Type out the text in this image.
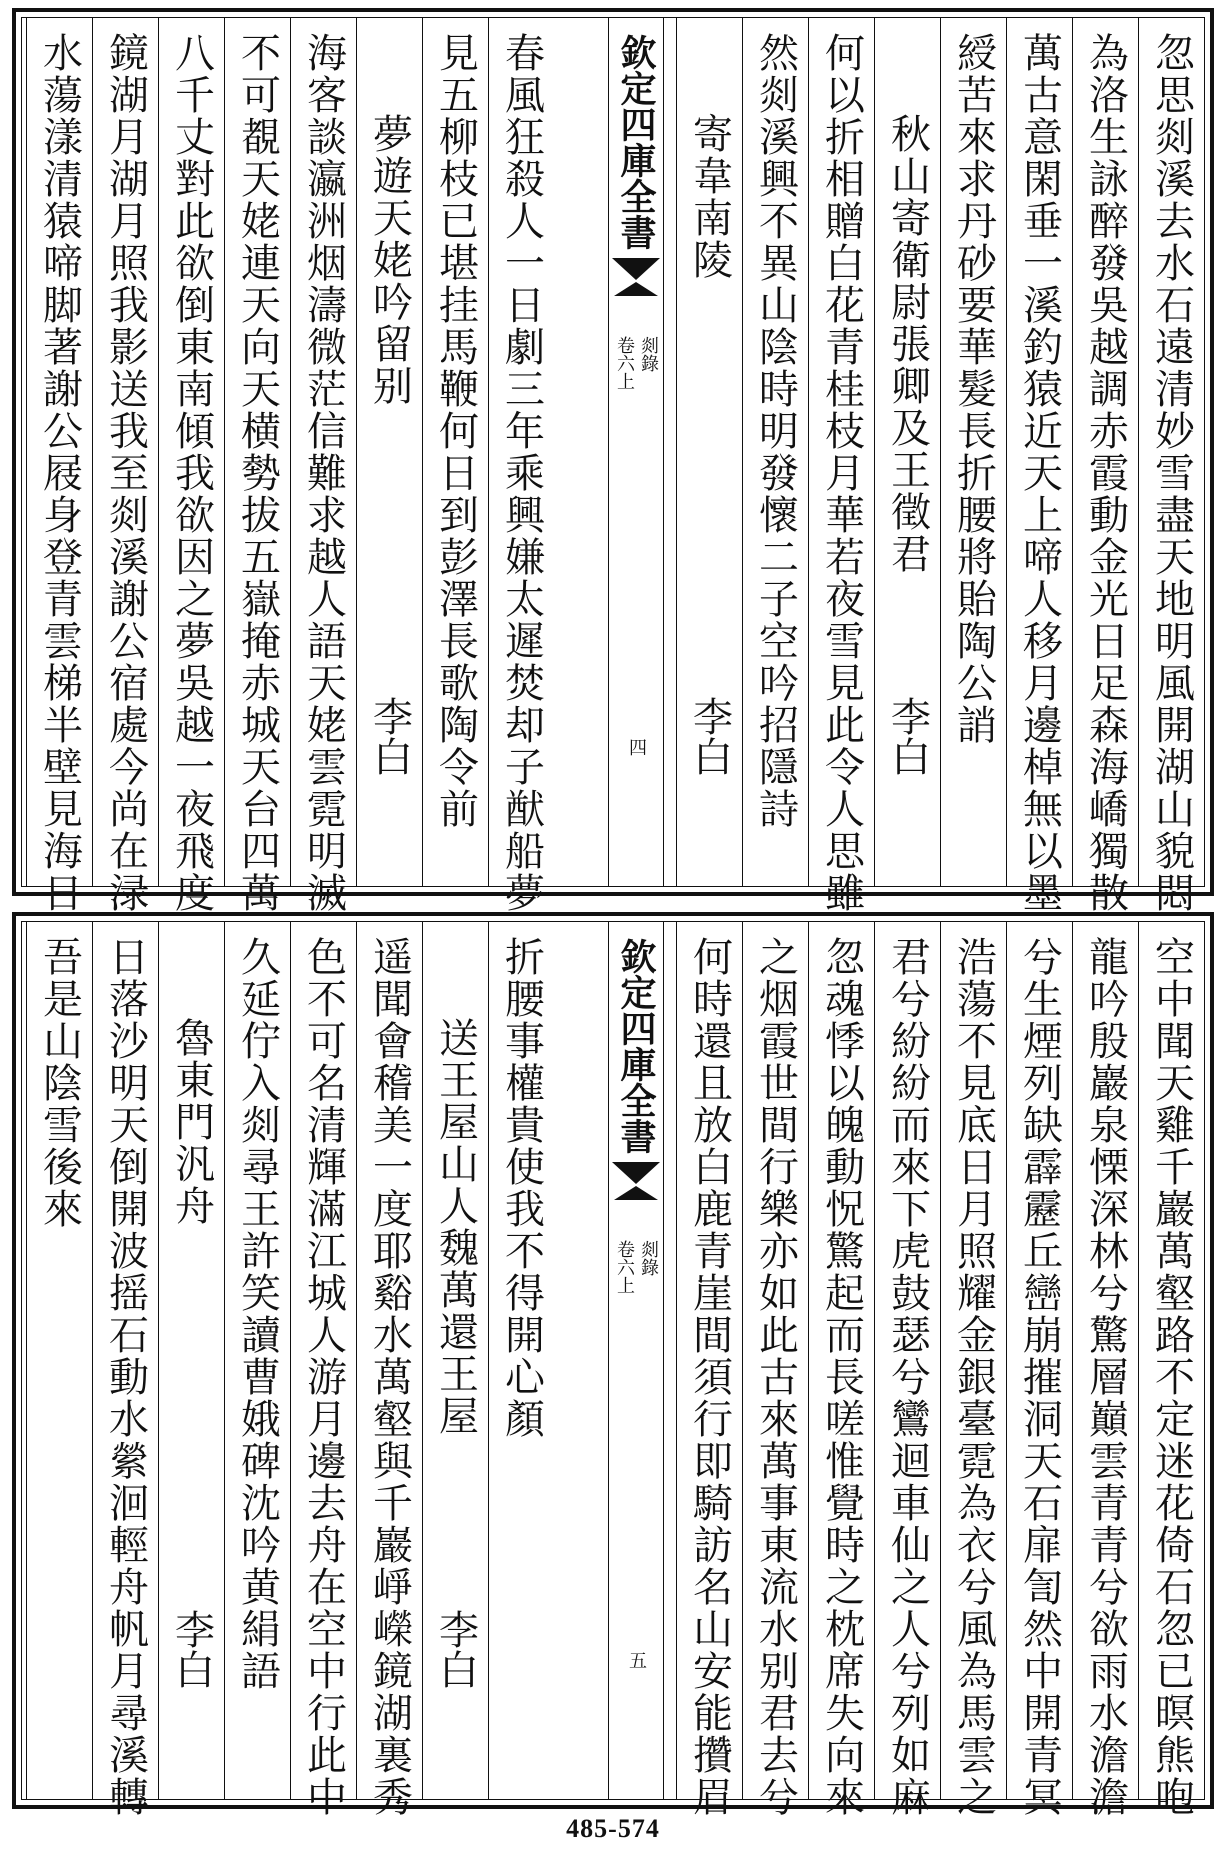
忽思剡溪去水石遠清妙雪盡天地明風開湖山貌悶
為洛生詠醉發吳越調赤霞動金光日足森海嶠獨散
萬古意閑垂一溪釣猿近天上啼人移月邊棹無以墨
綬苦來求丹砂要華髮長折腰將貽陶公誚
秋山寄衛尉張卿及王徵君
李白
何以折相贈白花青桂枝月華若夜雪見此令人思雖
然剡溪興不異山陰時明發懷二子空吟招隱詩
寄韋南陵
李白
欽定四庫全書
剡錄
卷六上
四
春風狂殺人一日劇三年乘興嫌太遲焚却子猷船夢
見五柳枝已堪挂馬鞭何日到彭澤長歌陶令前
夢遊天姥吟留别
李白
海客談瀛洲烟濤微茫信難求越人語天姥雲霓明滅
不可覩天姥連天向天横勢拔五嶽掩赤城天台四萬
八千丈對此欲倒東南傾我欲因之夢吳越一夜飛度
鏡湖月湖月照我影送我至剡溪謝公宿處今尚在渌
水蕩漾清猿啼脚著謝公屐身登青雲梯半壁見海日
空中聞天雞千巖萬壑路不定迷花倚石忽已暝熊咆
龍吟殷巖泉慄深林兮驚層巔雲青青兮欲雨水澹澹
兮生煙列缺霹靂丘巒崩摧洞天石扉訇然中開青冥
浩蕩不見底日月照耀金銀臺霓為衣兮風為馬雲之
君兮紛紛而來下虎鼓瑟兮鸞迴車仙之人兮列如麻
忽魂悸以魄動怳驚起而長嗟惟覺時之枕席失向來
之烟霞世間行樂亦如此古來萬事東流水别君去兮
何時還且放白鹿青崖間須行即騎訪名山安能攢眉
欽定四庫全書
剡錄
卷六上
五
折腰事權貴使我不得開心顏
送王屋山人魏萬還王屋
李白
遥聞會稽美一度耶谿水萬壑與千巖崢嶸鏡湖裏秀
色不可名清輝滿江城人游月邊去舟在空中行此中
久延佇入剡尋王許笑讀曹娥碑沈吟黄絹語
魯東門汎舟
李白
日落沙明天倒開波摇石動水縈洄輕舟帆月尋溪轉
吾是山陰雪後來
485-574
